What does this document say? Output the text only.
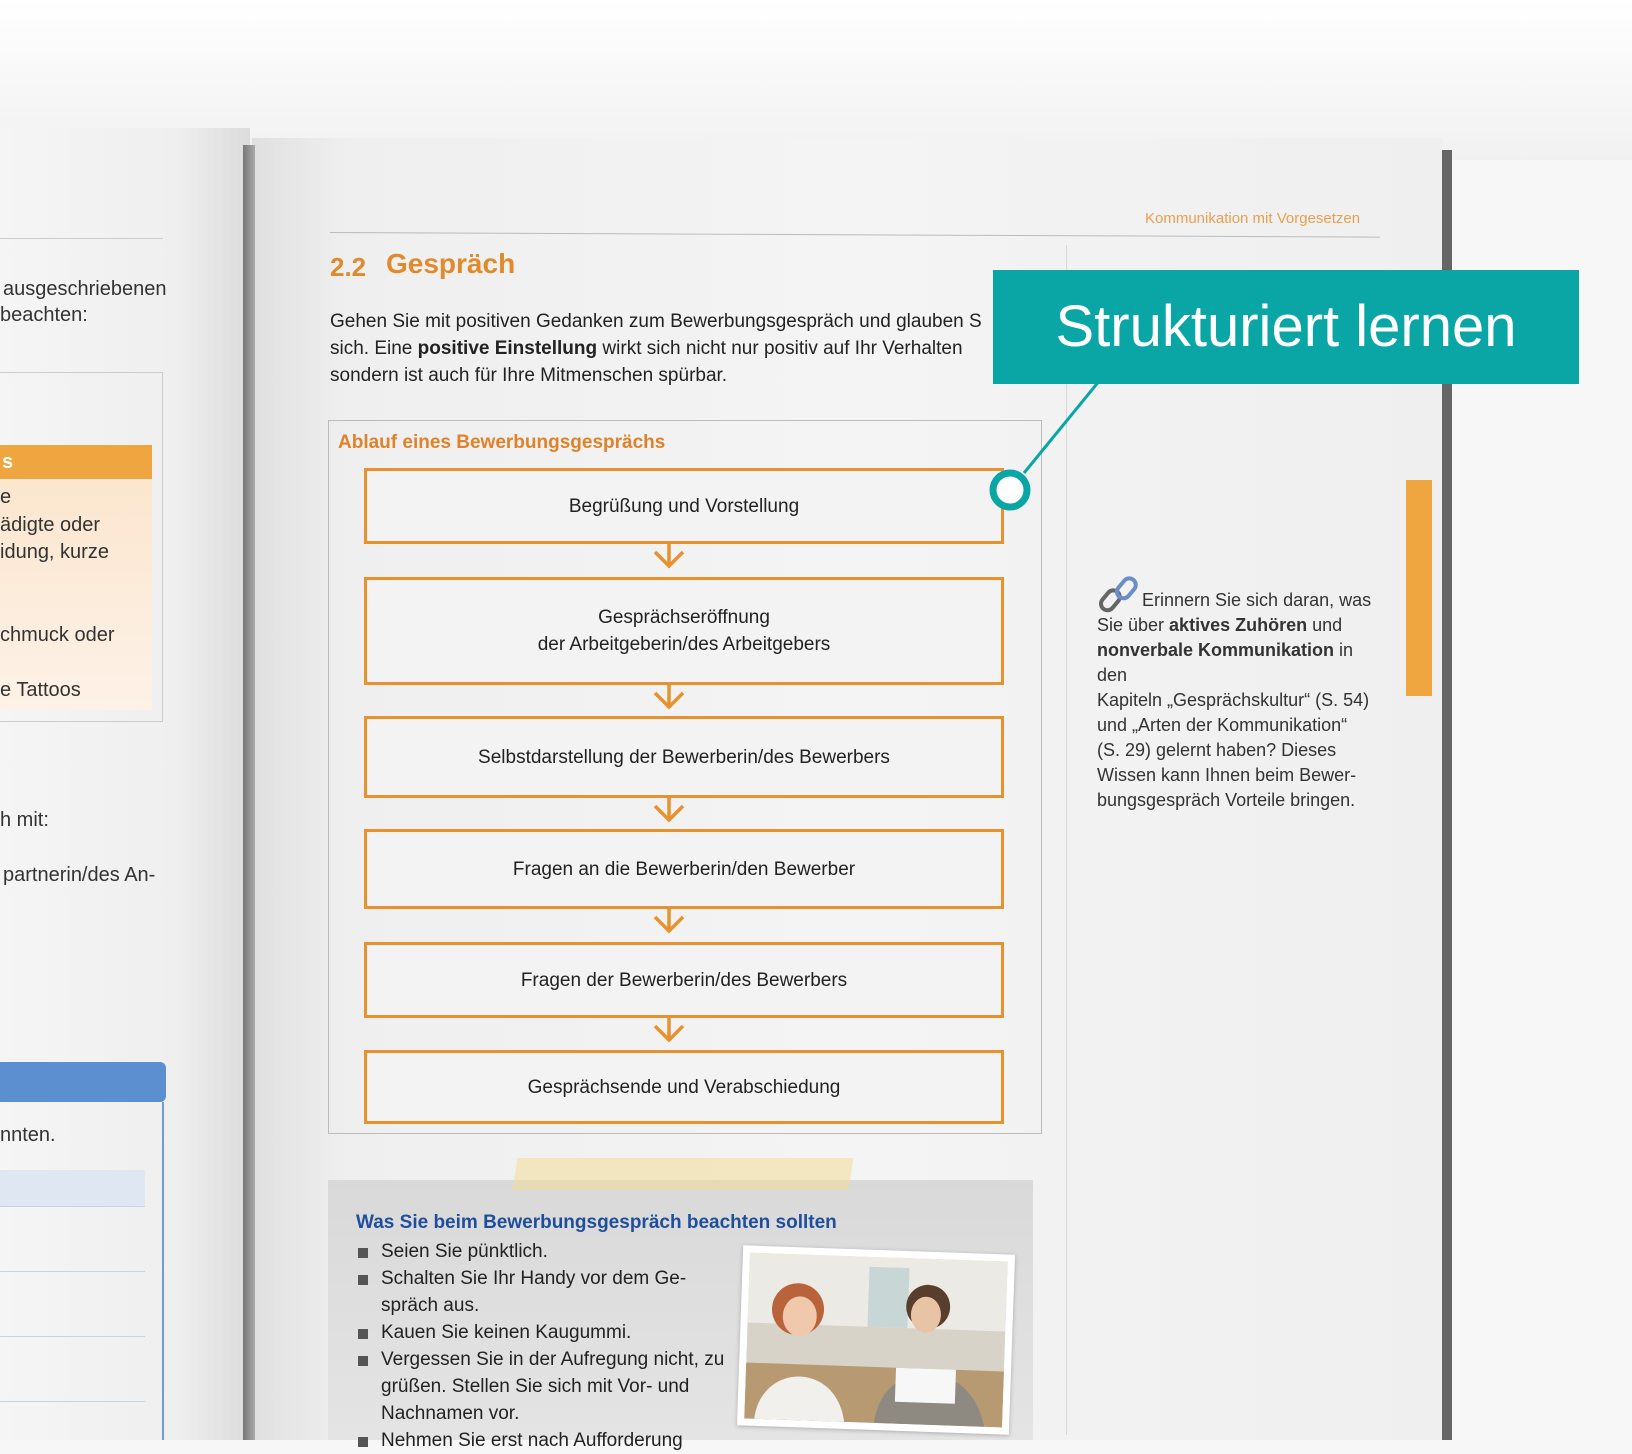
ausgeschriebenen
beachten:
s
e
ädigte oder
idung, kurze
chmuck oder
e Tattoos
h mit:
partnerin/des An-
nnten.
Kommunikation mit Vorgesetzen
2.2 Gespräch
Gehen Sie mit positiven Gedanken zum Bewerbungsgespräch und glauben S
sich. Eine positive Einstellung wirkt sich nicht nur positiv auf Ihr Verhalten
sondern ist auch für Ihre Mitmenschen spürbar.
Ablauf eines Bewerbungsgesprächs
Begrüßung und Vorstellung
Gesprächseröffnung
der Arbeitgeberin/des Arbeitgebers
Selbstdarstellung der Bewerberin/des Bewerbers
Fragen an die Bewerberin/den Bewerber
Fragen der Bewerberin/des Bewerbers
Gesprächsende und Verabschiedung
Strukturiert lernen
Erinnern Sie sich daran, was
Sie über aktives Zuhören und
nonverbale Kommunikation in den
Kapiteln „Gesprächskultur“ (S. 54)
und „Arten der Kommunikation“
(S. 29) gelernt haben? Dieses
Wissen kann Ihnen beim Bewer-
bungsgespräch Vorteile bringen.
Was Sie beim Bewerbungsgespräch beachten sollten
Seien Sie pünktlich.
Schalten Sie Ihr Handy vor dem Ge-spräch aus.
Kauen Sie keinen Kaugummi.
Vergessen Sie in der Aufregung nicht, zu grüßen. Stellen Sie sich mit Vor- und Nachnamen vor.
Nehmen Sie erst nach Aufforderung
